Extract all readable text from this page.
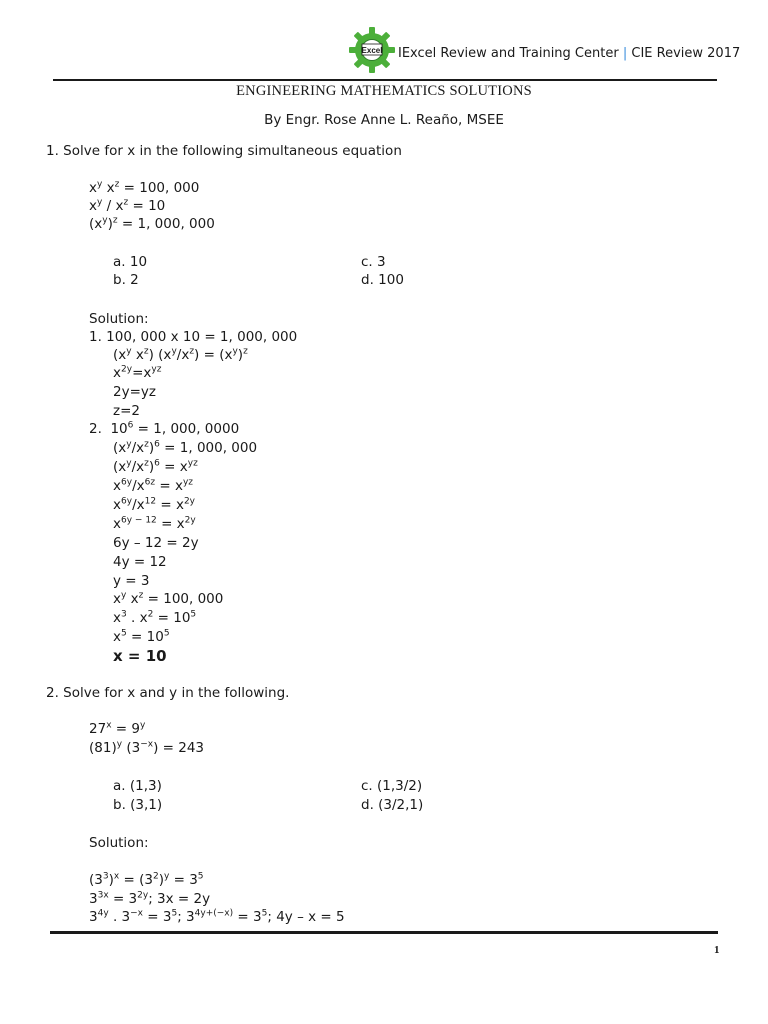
Excel IExcel Review and Training Center | CIE Review 2017
ENGINEERING MATHEMATICS SOLUTIONS
By Engr. Rose Anne L. Reaño, MSEE
1. Solve for x in the following simultaneous equation
$x^y$ $x^z = 100$, 000
$x^y / x^z = 10$
$(x^y)^z = 1$, 000, 000
a. 10
b. 2
c. 3
d. 100
Solution:
1. 100, 000 x 10 = 1, 000, 000
($x^y$ $x^z$) $(x^y/x^z) = (x^y)^z$
$x^{2y}=x^{yz}$
2y=yz
z=2
2.  $10^6 = 1$, 000, 0000
$(x^y/x^z)^6 = 1$, 000, 000
$(x^y/x^z)^6 = x^{yz}$
$x^{6y}/x^{6z} = x^{yz}$
$x^{6y}/x^{12} = x^{2y}$
$x^{6y - 12} = x^{2y}$
6y – 12 = 2y
4y = 12
y = 3
$x^y$ $x^z = 100$, 000
$x^3$ . $x^2 = 10^5$
$x^5 = 10^5$
x = 10
2. Solve for x and y in the following.
$27^x = 9^y$
$(81)^y$ $(3^{-x}) = 243$
a. (1,3)
b. (3,1)
c. (1,3/2)
d. (3/2,1)
Solution:
$(3^3)^x = (3^2)^y = 3^5$
$3^{3x} = 3^{2y}$; 3x = 2y
$3^{4y}$ . $3^{-x} = 3^5$; $3^{4y+(-x)} = 3^5$; 4y – x = 5
1
